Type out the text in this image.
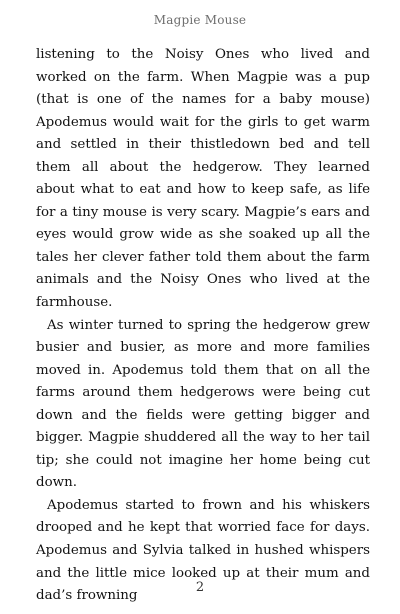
Magpie Mouse

listening to the Noisy Ones who lived and worked on the farm. When Magpie was a pup (that is one of the names for a baby mouse) Apodemus would wait for the girls to get warm and settled in their thistledown bed and tell them all about the hedgerow. They learned about what to eat and how to keep safe, as life for a tiny mouse is very scary. Magpie’s ears and eyes would grow wide as she soaked up all the tales her clever father told them about the farm animals and the Noisy Ones who lived at the farmhouse.

As winter turned to spring the hedgerow grew busier and busier, as more and more families moved in. Apodemus told them that on all the farms around them hedgerows were being cut down and the fields were getting bigger and bigger. Magpie shuddered all the way to her tail tip; she could not imagine her home being cut down.

Apodemus started to frown and his whiskers drooped and he kept that worried face for days. Apodemus and Sylvia talked in hushed whispers and the little mice looked up at their mum and dad’s frowning

2
